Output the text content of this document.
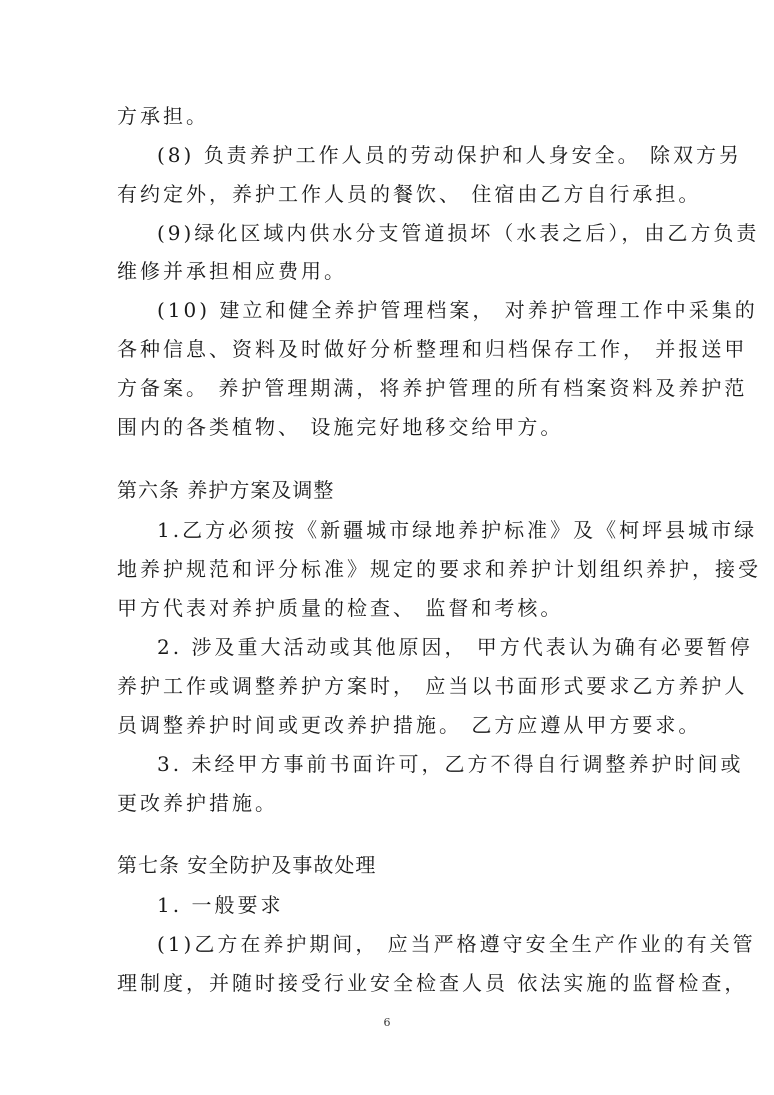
方承担。
(8) 负责养护工作人员的劳动保护和人身安全。 除双方另
有约定外，养护工作人员的餐饮、 住宿由乙方自行承担。
(9)绿化区域内供水分支管道损坏（水表之后），由乙方负责
维修并承担相应费用。
(10) 建立和健全养护管理档案， 对养护管理工作中采集的
各种信息、资料及时做好分析整理和归档保存工作， 并报送甲
方备案。 养护管理期满，将养护管理的所有档案资料及养护范
围内的各类植物、 设施完好地移交给甲方。
第六条 养护方案及调整
1.乙方必须按《新疆城市绿地养护标准》及《柯坪县城市绿
地养护规范和评分标准》规定的要求和养护计划组织养护，接受
甲方代表对养护质量的检查、 监督和考核。
2. 涉及重大活动或其他原因， 甲方代表认为确有必要暂停
养护工作或调整养护方案时， 应当以书面形式要求乙方养护人
员调整养护时间或更改养护措施。 乙方应遵从甲方要求。
3. 未经甲方事前书面许可，乙方不得自行调整养护时间或
更改养护措施。
第七条 安全防护及事故处理
1. 一般要求
(1)乙方在养护期间， 应当严格遵守安全生产作业的有关管
理制度，并随时接受行业安全检查人员 依法实施的监督检查，
6
